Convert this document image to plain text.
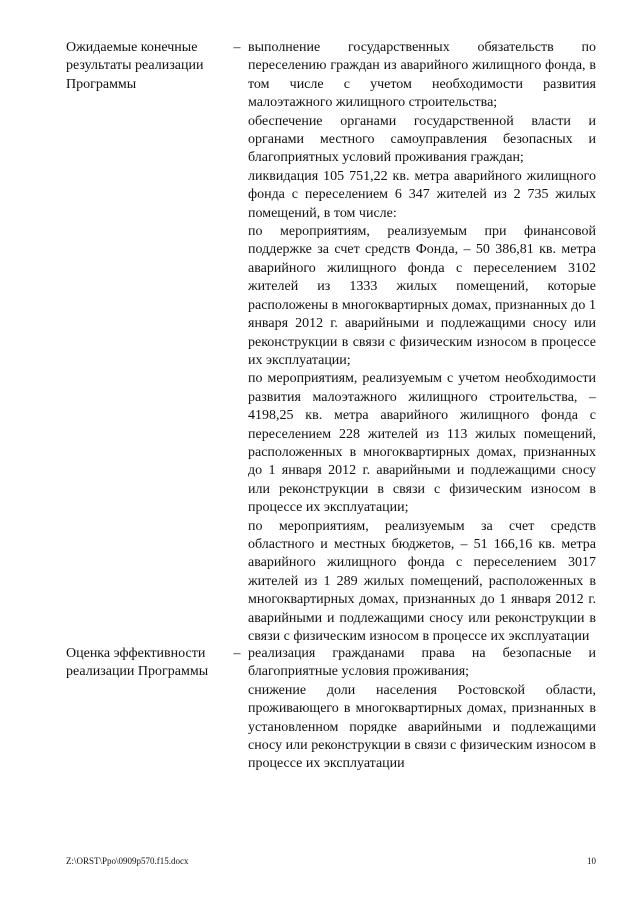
Ожидаемые конечные результаты реализации Программы
– выполнение государственных обязательств по переселению граждан из аварийного жилищного фонда, в том числе с учетом необходимости развития малоэтажного жилищного строительства;

обеспечение органами государственной власти и органами местного самоуправления безопасных и благоприятных условий проживания граждан;

ликвидация 105 751,22 кв. метра аварийного жилищного фонда с переселением 6 347 жителей из 2 735 жилых помещений, в том числе:

по мероприятиям, реализуемым при финансовой поддержке за счет средств Фонда, – 50 386,81 кв. метра аварийного жилищного фонда с переселением 3102 жителей из 1333 жилых помещений, которые расположены в многоквартирных домах, признанных до 1 января 2012 г. аварийными и подлежащими сносу или реконструкции в связи с физическим износом в процессе их эксплуатации;

по мероприятиям, реализуемым с учетом необходимости развития малоэтажного жилищного строительства, – 4198,25 кв. метра аварийного жилищного фонда с переселением 228 жителей из 113 жилых помещений, расположенных в многоквартирных домах, признанных до 1 января 2012 г. аварийными и подлежащими сносу или реконструкции в связи с физическим износом в процессе их эксплуатации;

по мероприятиям, реализуемым за счет средств областного и местных бюджетов, – 51 166,16 кв. метра аварийного жилищного фонда с переселением 3017 жителей из 1 289 жилых помещений, расположенных в многоквартирных домах, признанных до 1 января 2012 г. аварийными и подлежащими сносу или реконструкции в связи с физическим износом в процессе их эксплуатации

Оценка эффективности реализации Программы
– реализация гражданами права на безопасные и благоприятные условия проживания;

снижение доли населения Ростовской области, проживающего в многоквартирных домах, признанных в установленном порядке аварийными и подлежащими сносу или реконструкции в связи с физическим износом в процессе их эксплуатации

Z:\ORST\Ppo\0909p570.f15.docx	10
